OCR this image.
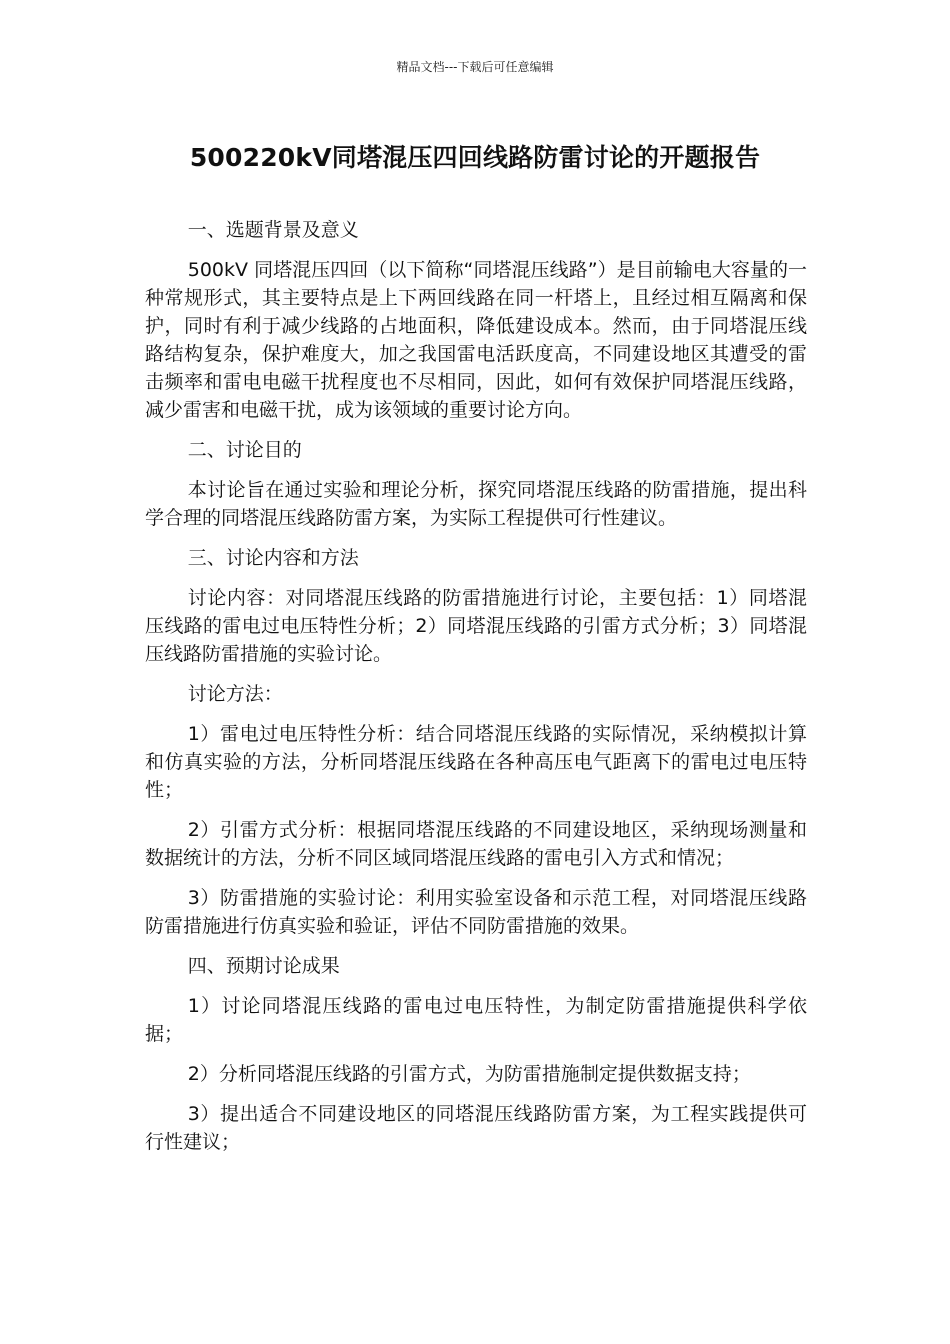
精品文档---下载后可任意编辑
500220kV同塔混压四回线路防雷讨论的开题报告

一、选题背景及意义

500kV 同塔混压四回（以下简称“同塔混压线路”）是目前输电大容量的一种常规形式，其主要特点是上下两回线路在同一杆塔上，且经过相互隔离和保护，同时有利于减少线路的占地面积，降低建设成本。然而，由于同塔混压线路结构复杂，保护难度大，加之我国雷电活跃度高，不同建设地区其遭受的雷击频率和雷电电磁干扰程度也不尽相同，因此，如何有效保护同塔混压线路，减少雷害和电磁干扰，成为该领域的重要讨论方向。

二、讨论目的

本讨论旨在通过实验和理论分析，探究同塔混压线路的防雷措施，提出科学合理的同塔混压线路防雷方案，为实际工程提供可行性建议。

三、讨论内容和方法

讨论内容：对同塔混压线路的防雷措施进行讨论，主要包括：1）同塔混压线路的雷电过电压特性分析；2）同塔混压线路的引雷方式分析；3）同塔混压线路防雷措施的实验讨论。

讨论方法：

1）雷电过电压特性分析：结合同塔混压线路的实际情况，采纳模拟计算和仿真实验的方法，分析同塔混压线路在各种高压电气距离下的雷电过电压特性；

2）引雷方式分析：根据同塔混压线路的不同建设地区，采纳现场测量和数据统计的方法，分析不同区域同塔混压线路的雷电引入方式和情况；

3）防雷措施的实验讨论：利用实验室设备和示范工程，对同塔混压线路防雷措施进行仿真实验和验证，评估不同防雷措施的效果。

四、预期讨论成果

1）讨论同塔混压线路的雷电过电压特性，为制定防雷措施提供科学依据；

2）分析同塔混压线路的引雷方式，为防雷措施制定提供数据支持；

3）提出适合不同建设地区的同塔混压线路防雷方案，为工程实践提供可行性建议；
